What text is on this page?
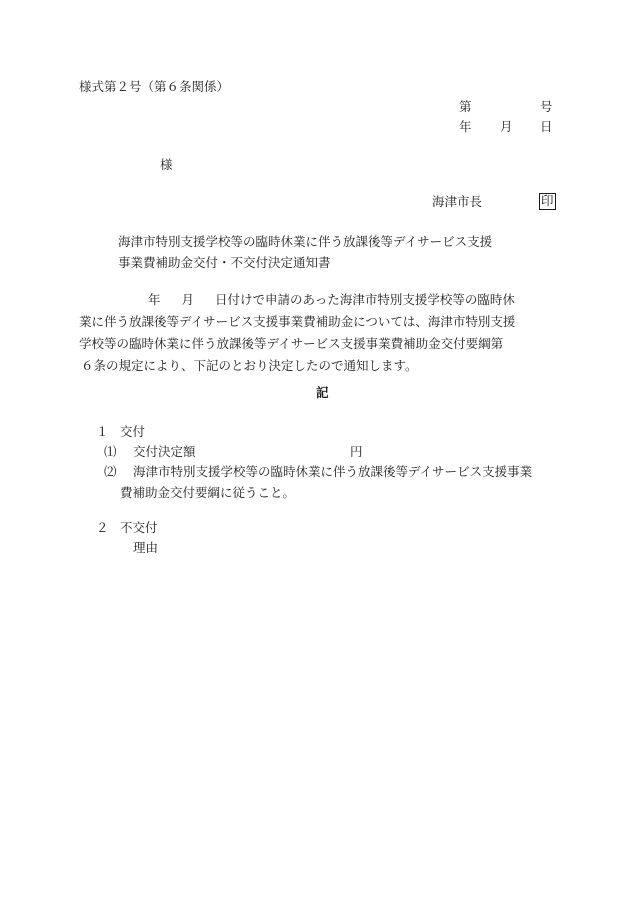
様式第２号（第６条関係）
第	号
年 月 日
様
海津市長	印
海津市特別支援学校等の臨時休業に伴う放課後等デイサービス支援
事業費補助金交付・不交付決定通知書
年 月 日付けで申請のあった海津市特別支援学校等の臨時休
業に伴う放課後等デイサービス支援事業費補助金については、海津市特別支援
学校等の臨時休業に伴う放課後等デイサービス支援事業費補助金交付要綱第
６条の規定により、下記のとおり決定したので通知します。
記
１ 交付
⑴ 交付決定額	円
⑵ 海津市特別支援学校等の臨時休業に伴う放課後等デイサービス支援事業
費補助金交付要綱に従うこと。
２ 不交付
理由
